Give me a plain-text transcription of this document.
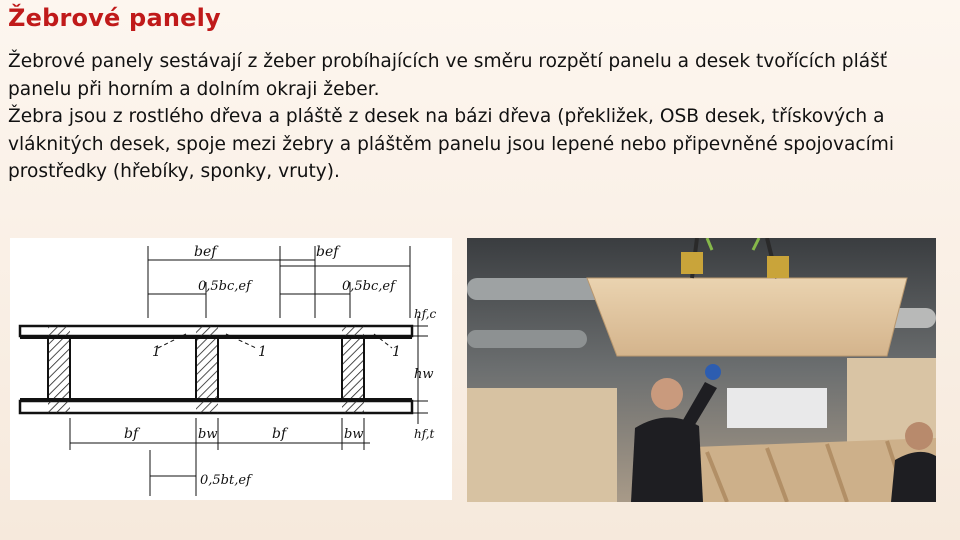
Žebrové panely

Žebrové panely sestávají z žeber probíhajících ve směru rozpětí panelu a desek tvořících plášť panelu při horním a dolním okraji žeber.

Žebra jsou z rostlého dřeva a pláště z desek na bázi dřeva (překližek, OSB desek, třískových a vláknitých desek, spoje mezi žebry a pláštěm panelu jsou lepené nebo připevněné spojovacími prostředky (hřebíky, sponky, vruty).

bef	bef
0,5bc,ef	0,5bc,ef
hf,c
hw
hf,t
1	1	1
bf	bw	bf	bw
0,5bt,ef
